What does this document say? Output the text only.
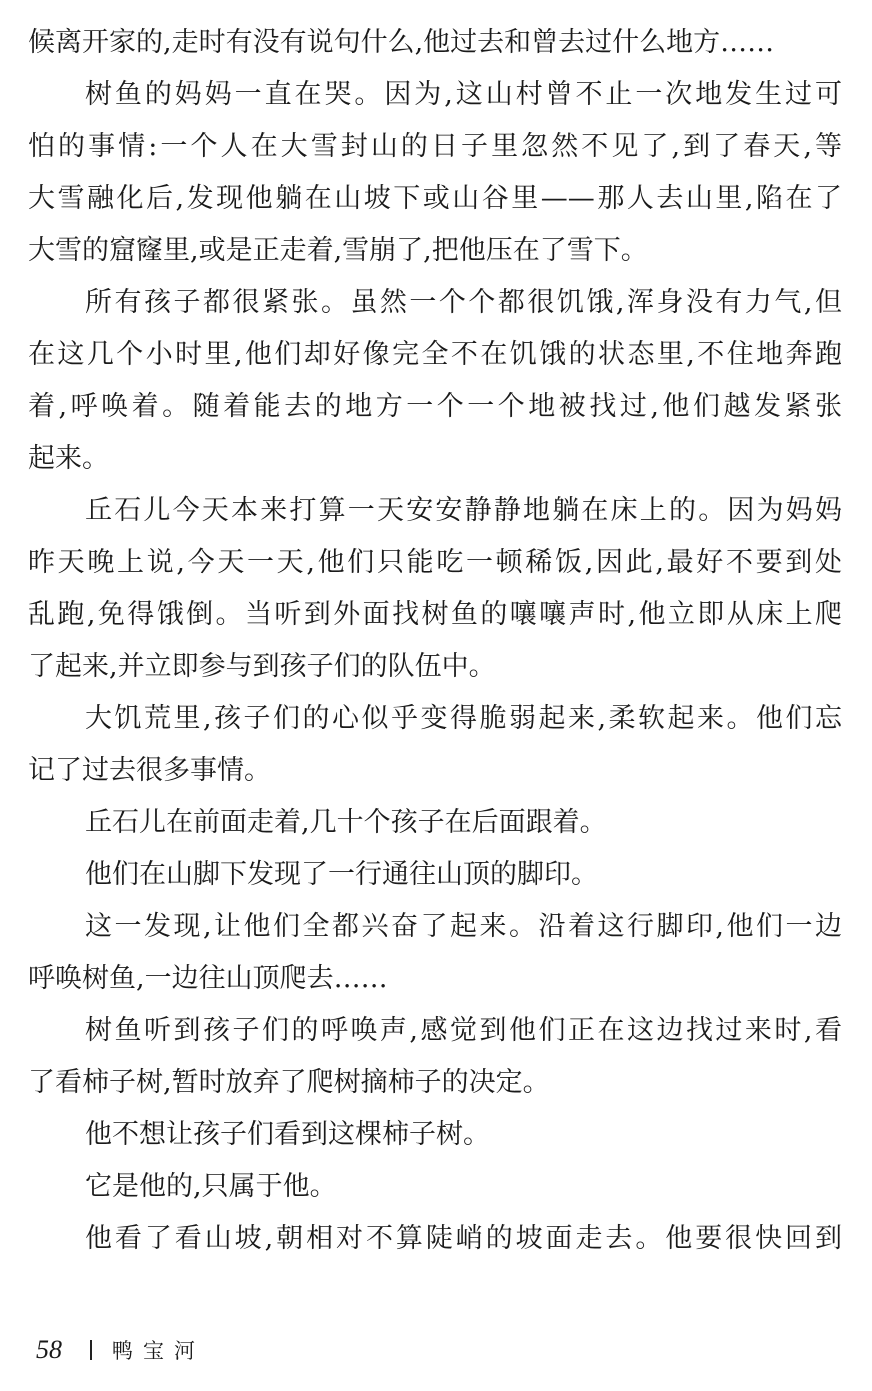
候离开家的,走时有没有说句什么,他过去和曾去过什么地方……
树鱼的妈妈一直在哭。因为,这山村曾不止一次地发生过可
怕的事情:一个人在大雪封山的日子里忽然不见了,到了春天,等
大雪融化后,发现他躺在山坡下或山谷里——那人去山里,陷在了
大雪的窟窿里,或是正走着,雪崩了,把他压在了雪下。
所有孩子都很紧张。虽然一个个都很饥饿,浑身没有力气,但
在这几个小时里,他们却好像完全不在饥饿的状态里,不住地奔跑
着,呼唤着。随着能去的地方一个一个地被找过,他们越发紧张
起来。
丘石儿今天本来打算一天安安静静地躺在床上的。因为妈妈
昨天晚上说,今天一天,他们只能吃一顿稀饭,因此,最好不要到处
乱跑,免得饿倒。当听到外面找树鱼的嚷嚷声时,他立即从床上爬
了起来,并立即参与到孩子们的队伍中。
大饥荒里,孩子们的心似乎变得脆弱起来,柔软起来。他们忘
记了过去很多事情。
丘石儿在前面走着,几十个孩子在后面跟着。
他们在山脚下发现了一行通往山顶的脚印。
这一发现,让他们全都兴奋了起来。沿着这行脚印,他们一边
呼唤树鱼,一边往山顶爬去……
树鱼听到孩子们的呼唤声,感觉到他们正在这边找过来时,看
了看柿子树,暂时放弃了爬树摘柿子的决定。
他不想让孩子们看到这棵柿子树。
它是他的,只属于他。
他看了看山坡,朝相对不算陡峭的坡面走去。他要很快回到
58 鸭宝河
